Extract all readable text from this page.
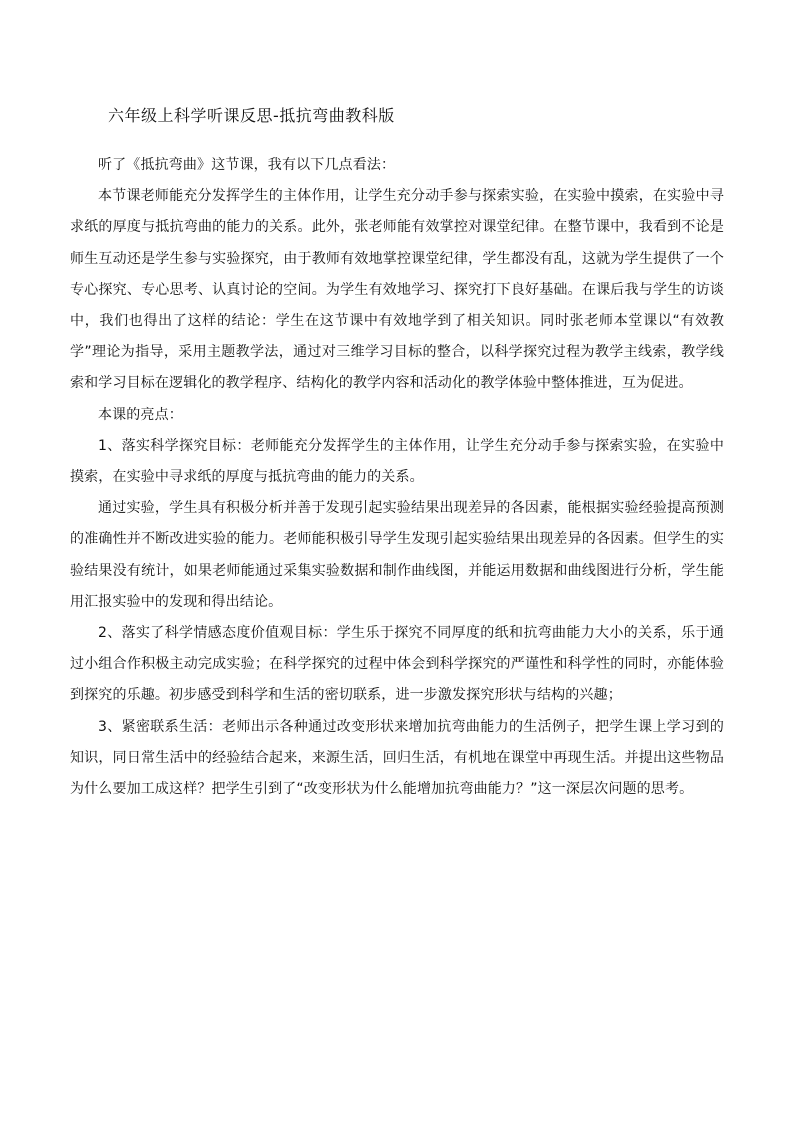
六年级上科学听课反思-抵抗弯曲教科版

听了《抵抗弯曲》这节课，我有以下几点看法：

本节课老师能充分发挥学生的主体作用，让学生充分动手参与探索实验，在实验中摸索，在实验中寻求纸的厚度与抵抗弯曲的能力的关系。此外，张老师能有效掌控对课堂纪律。在整节课中，我看到不论是师生互动还是学生参与实验探究，由于教师有效地掌控课堂纪律，学生都没有乱，这就为学生提供了一个专心探究、专心思考、认真讨论的空间。为学生有效地学习、探究打下良好基础。在课后我与学生的访谈中，我们也得出了这样的结论：学生在这节课中有效地学到了相关知识。同时张老师本堂课以“有效教学”理论为指导，采用主题教学法，通过对三维学习目标的整合，以科学探究过程为教学主线索，教学线索和学习目标在逻辑化的教学程序、结构化的教学内容和活动化的教学体验中整体推进，互为促进。

本课的亮点：

1、落实科学探究目标：老师能充分发挥学生的主体作用，让学生充分动手参与探索实验，在实验中摸索，在实验中寻求纸的厚度与抵抗弯曲的能力的关系。

通过实验，学生具有积极分析并善于发现引起实验结果出现差异的各因素，能根据实验经验提高预测的准确性并不断改进实验的能力。老师能积极引导学生发现引起实验结果出现差异的各因素。但学生的实验结果没有统计，如果老师能通过采集实验数据和制作曲线图，并能运用数据和曲线图进行分析，学生能用汇报实验中的发现和得出结论。

2、落实了科学情感态度价值观目标：学生乐于探究不同厚度的纸和抗弯曲能力大小的关系，乐于通过小组合作积极主动完成实验；在科学探究的过程中体会到科学探究的严谨性和科学性的同时，亦能体验到探究的乐趣。初步感受到科学和生活的密切联系，进一步激发探究形状与结构的兴趣；

3、紧密联系生活：老师出示各种通过改变形状来增加抗弯曲能力的生活例子，把学生课上学习到的知识，同日常生活中的经验结合起来，来源生活，回归生活，有机地在课堂中再现生活。并提出这些物品为什么要加工成这样？把学生引到了“改变形状为什么能增加抗弯曲能力？”这一深层次问题的思考。
